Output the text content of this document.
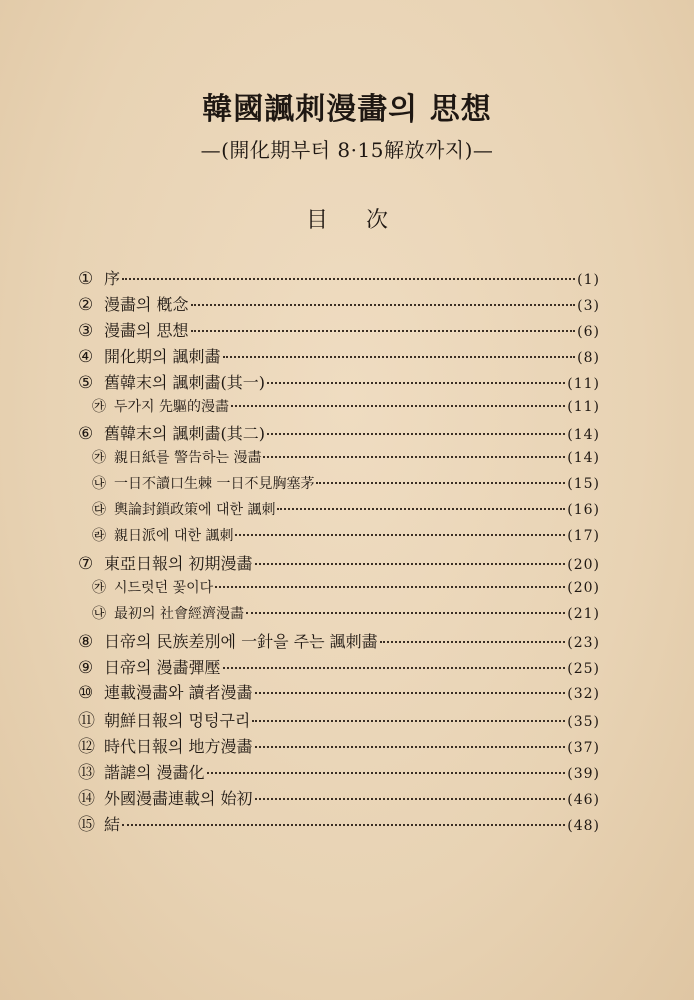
韓國諷刺漫畵의 思想
—(開化期부터 8·15解放까지)—
目次
① 序	(1)
② 漫畵의 槪念	(3)
③ 漫畵의 思想	(6)
④ 開化期의 諷刺畵	(8)
⑤ 舊韓末의 諷刺畵(其一)	(11)
㉮ 두가지 先驅的漫畵	(11)
⑥ 舊韓末의 諷刺畵(其二)	(14)
㉮ 親日紙를 警告하는 漫畵	(14)
㉯ 一日不讀口生棘 一日不見胸塞茅	(15)
㉰ 輿論封鎖政策에 대한 諷刺	(16)
㉱ 親日派에 대한 諷刺	(17)
⑦ 東亞日報의 初期漫畵	(20)
㉮ 시드럿던 꽃이다	(20)
㉯ 最初의 社會經濟漫畵	(21)
⑧ 日帝의 民族差別에 一針을 주는 諷刺畵	(23)
⑨ 日帝의 漫畵彈壓	(25)
⑩ 連載漫畵와 讀者漫畵	(32)
⑪ 朝鮮日報의 멍텅구리	(35)
⑫ 時代日報의 地方漫畵	(37)
⑬ 諧謔의 漫畵化	(39)
⑭ 外國漫畵連載의 始初	(46)
⑮ 結	(48)
